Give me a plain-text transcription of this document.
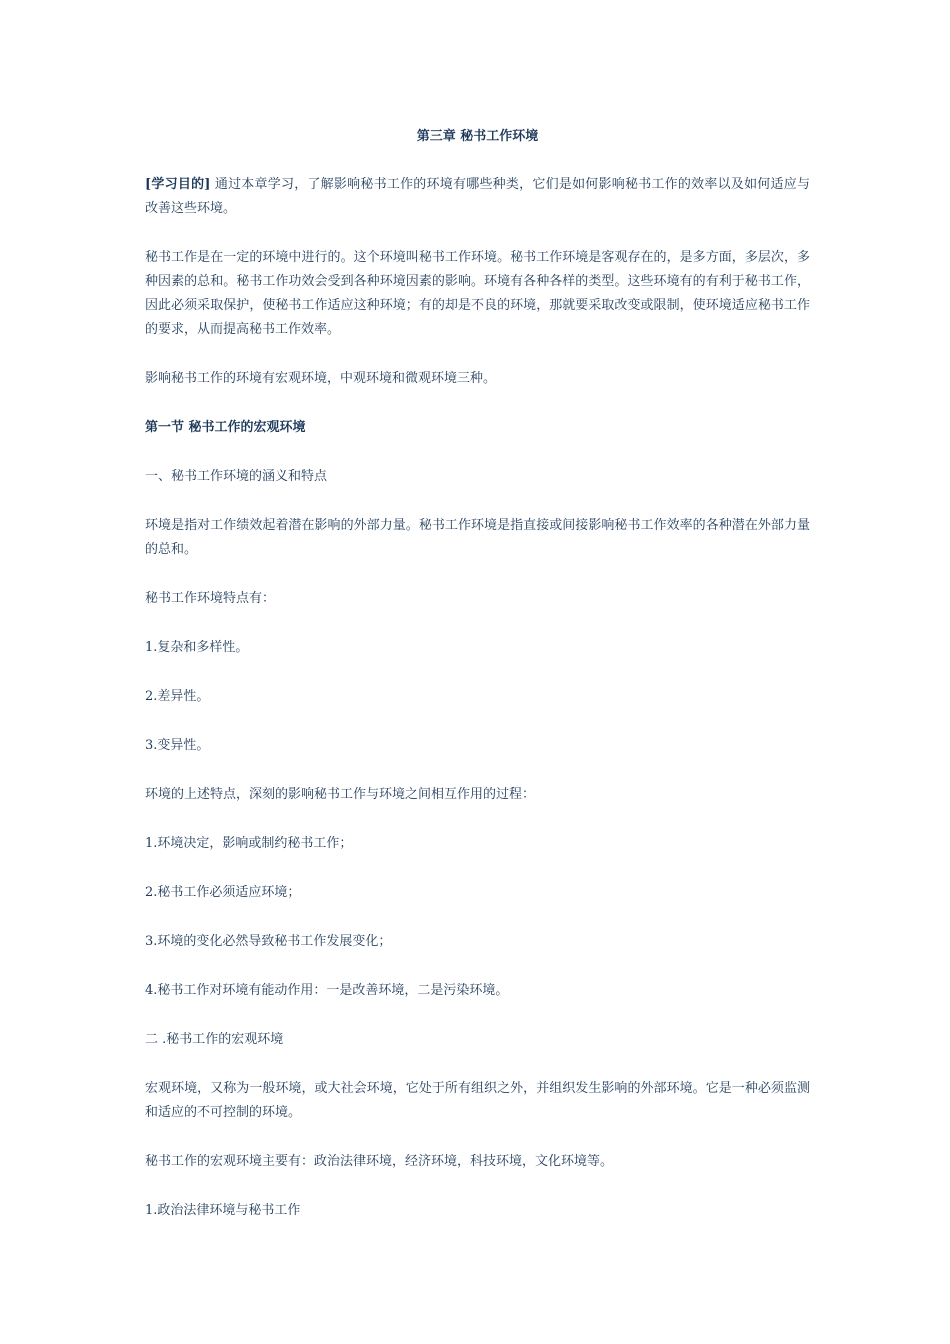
第三章 秘书工作环境

[学习目的] 通过本章学习，了解影响秘书工作的环境有哪些种类，它们是如何影响秘书工作的效率以及如何适应与改善这些环境。

秘书工作是在一定的环境中进行的。这个环境叫秘书工作环境。秘书工作环境是客观存在的，是多方面，多层次，多种因素的总和。秘书工作功效会受到各种环境因素的影响。环境有各种各样的类型。这些环境有的有利于秘书工作，因此必须采取保护，使秘书工作适应这种环境；有的却是不良的环境，那就要采取改变或限制，使环境适应秘书工作的要求，从而提高秘书工作效率。

影响秘书工作的环境有宏观环境，中观环境和微观环境三种。

第一节 秘书工作的宏观环境

一、秘书工作环境的涵义和特点

环境是指对工作绩效起着潜在影响的外部力量。秘书工作环境是指直接或间接影响秘书工作效率的各种潜在外部力量的总和。

秘书工作环境特点有：

1.复杂和多样性。

2.差异性。

3.变异性。

环境的上述特点，深刻的影响秘书工作与环境之间相互作用的过程：

1.环境决定，影响或制约秘书工作；

2.秘书工作必须适应环境；

3.环境的变化必然导致秘书工作发展变化；

4.秘书工作对环境有能动作用：一是改善环境，二是污染环境。

二 .秘书工作的宏观环境

宏观环境，又称为一般环境，或大社会环境，它处于所有组织之外，并组织发生影响的外部环境。它是一种必须监测和适应的不可控制的环境。

秘书工作的宏观环境主要有：政治法律环境，经济环境，科技环境，文化环境等。

1.政治法律环境与秘书工作
